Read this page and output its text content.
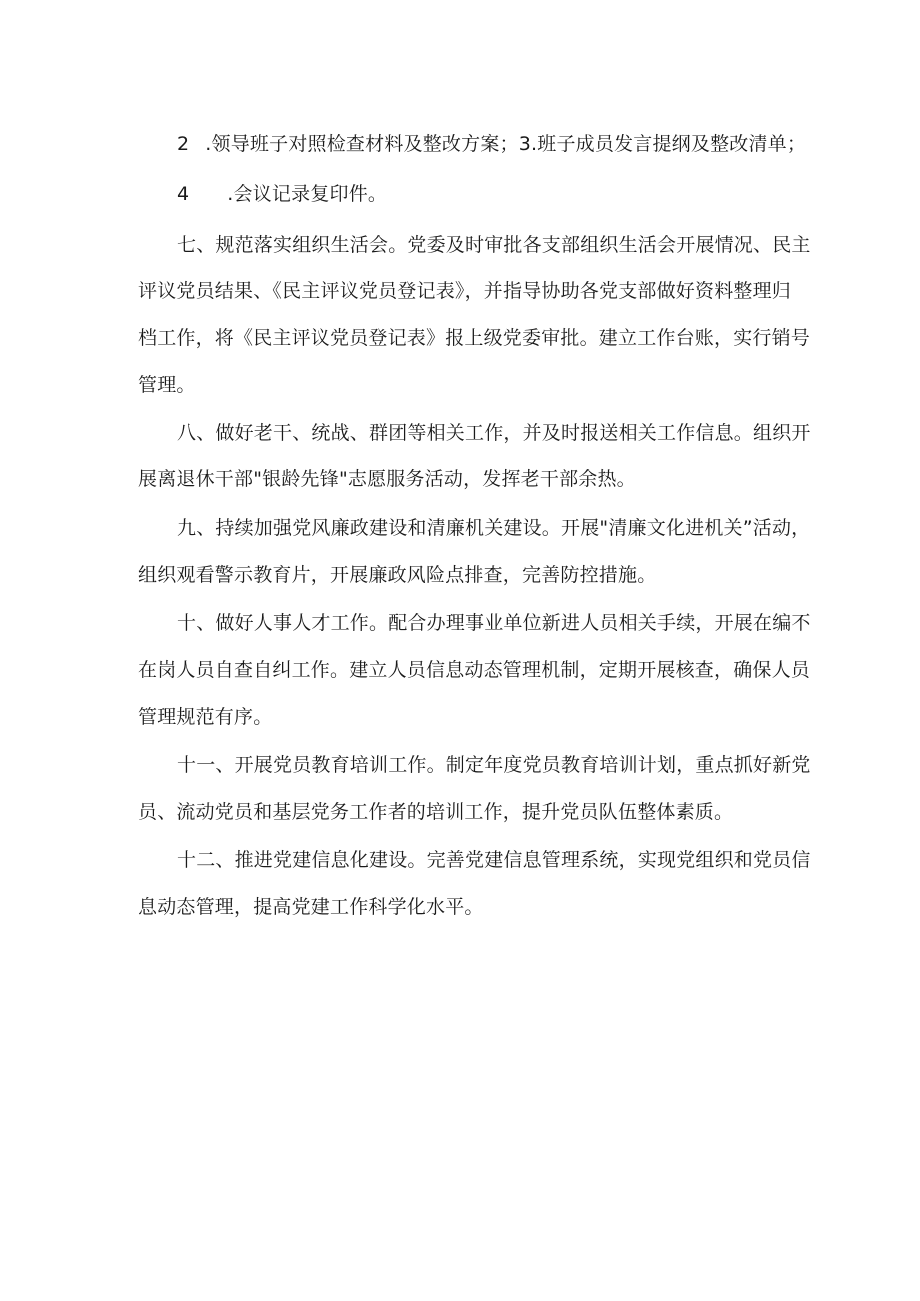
2 .领导班子对照检查材料及整改方案；3.班子成员发言提纲及整改清单；
4 .会议记录复印件。
七、规范落实组织生活会。党委及时审批各支部组织生活会开展情况、民主
评议党员结果、《民主评议党员登记表》，并指导协助各党支部做好资料整理归
档工作，将《民主评议党员登记表》报上级党委审批。建立工作台账，实行销号
管理。
八、做好老干、统战、群团等相关工作，并及时报送相关工作信息。组织开
展离退休干部"银龄先锋"志愿服务活动，发挥老干部余热。
九、持续加强党风廉政建设和清廉机关建设。开展"清廉文化进机关”活动，
组织观看警示教育片，开展廉政风险点排查，完善防控措施。
十、做好人事人才工作。配合办理事业单位新进人员相关手续，开展在编不
在岗人员自查自纠工作。建立人员信息动态管理机制，定期开展核查，确保人员
管理规范有序。
十一、开展党员教育培训工作。制定年度党员教育培训计划，重点抓好新党
员、流动党员和基层党务工作者的培训工作，提升党员队伍整体素质。
十二、推进党建信息化建设。完善党建信息管理系统，实现党组织和党员信
息动态管理，提高党建工作科学化水平。
